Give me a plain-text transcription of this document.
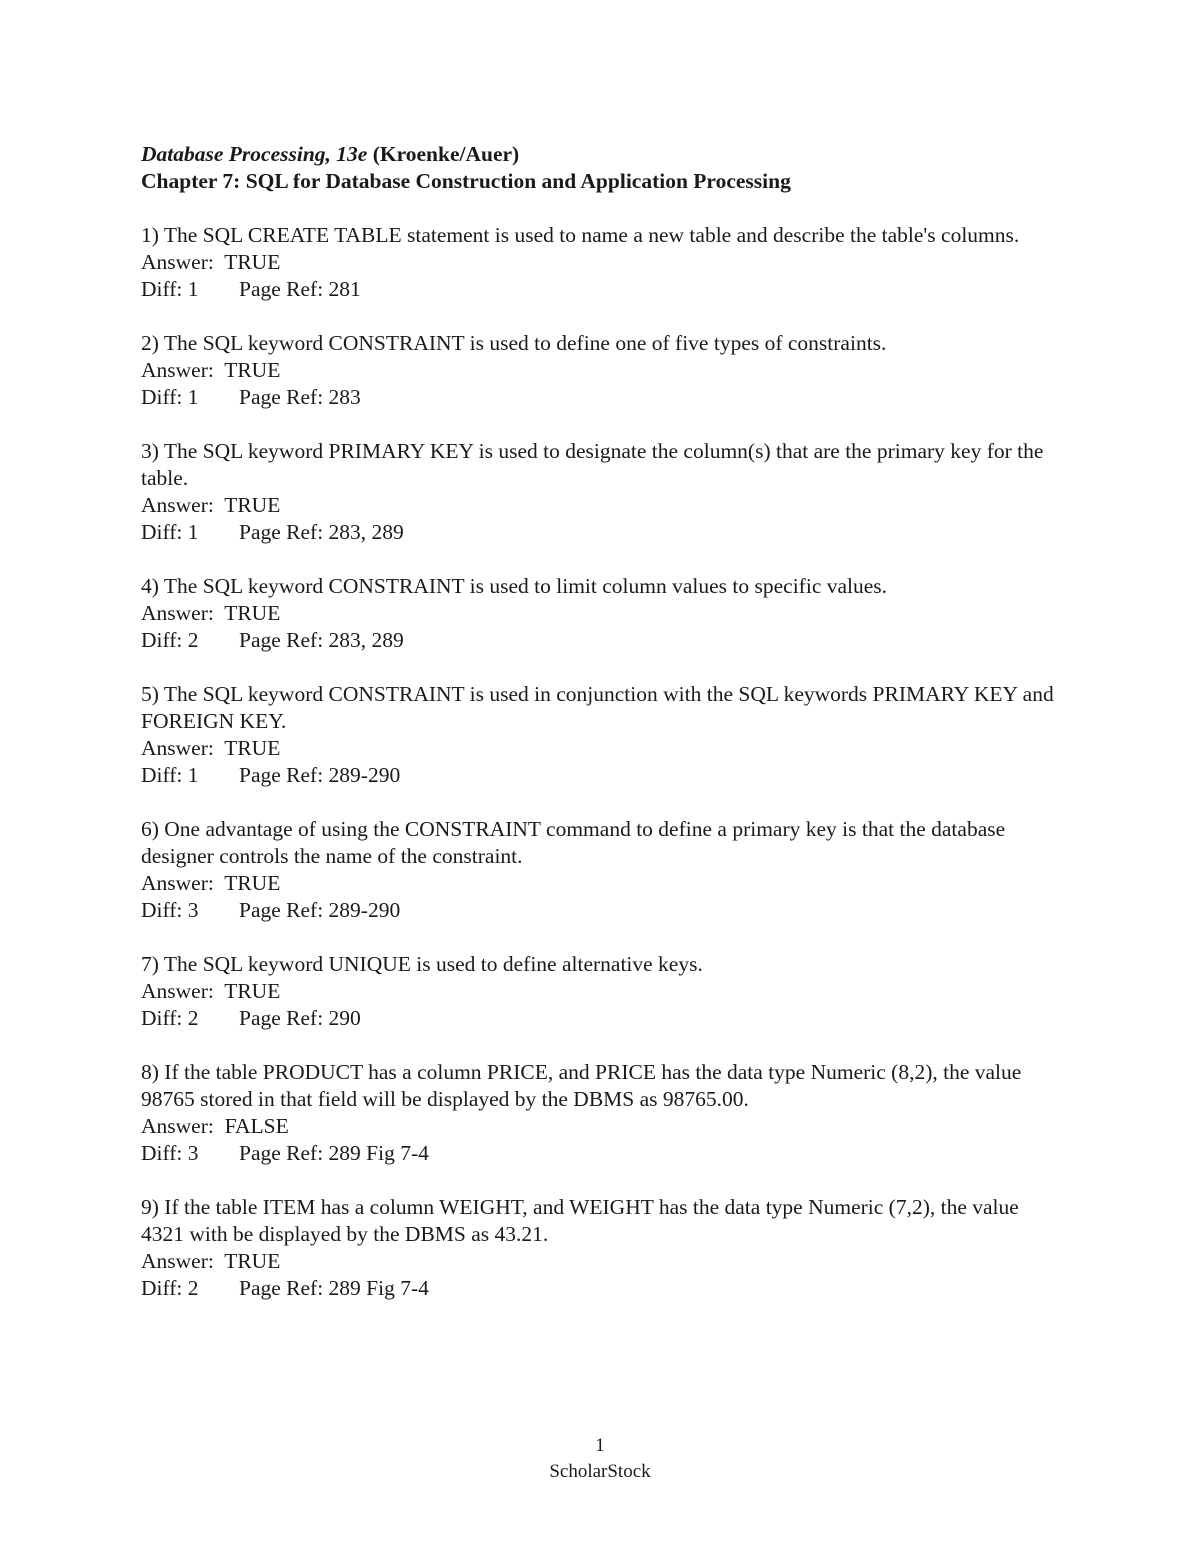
Database Processing, 13e (Kroenke/Auer)

Chapter 7: SQL for Database Construction and Application Processing

1) The SQL CREATE TABLE statement is used to name a new table and describe the table's columns.

Answer:  TRUE

Diff: 1 Page Ref: 281

2) The SQL keyword CONSTRAINT is used to define one of five types of constraints.

Answer:  TRUE

Diff: 1 Page Ref: 283

3) The SQL keyword PRIMARY KEY is used to designate the column(s) that are the primary key for the table.

Answer:  TRUE

Diff: 1 Page Ref: 283, 289

4) The SQL keyword CONSTRAINT is used to limit column values to specific values.

Answer:  TRUE

Diff: 2 Page Ref: 283, 289

5) The SQL keyword CONSTRAINT is used in conjunction with the SQL keywords PRIMARY KEY and FOREIGN KEY.

Answer:  TRUE

Diff: 1 Page Ref: 289-290

6) One advantage of using the CONSTRAINT command to define a primary key is that the database designer controls the name of the constraint.

Answer:  TRUE

Diff: 3 Page Ref: 289-290

7) The SQL keyword UNIQUE is used to define alternative keys.

Answer:  TRUE

Diff: 2 Page Ref: 290

8) If the table PRODUCT has a column PRICE, and PRICE has the data type Numeric (8,2), the value 98765 stored in that field will be displayed by the DBMS as 98765.00.

Answer:  FALSE

Diff: 3 Page Ref: 289 Fig 7-4

9) If the table ITEM has a column WEIGHT, and WEIGHT has the data type Numeric (7,2), the value 4321 with be displayed by the DBMS as 43.21.

Answer:  TRUE

Diff: 2 Page Ref: 289 Fig 7-4

1
ScholarStock
